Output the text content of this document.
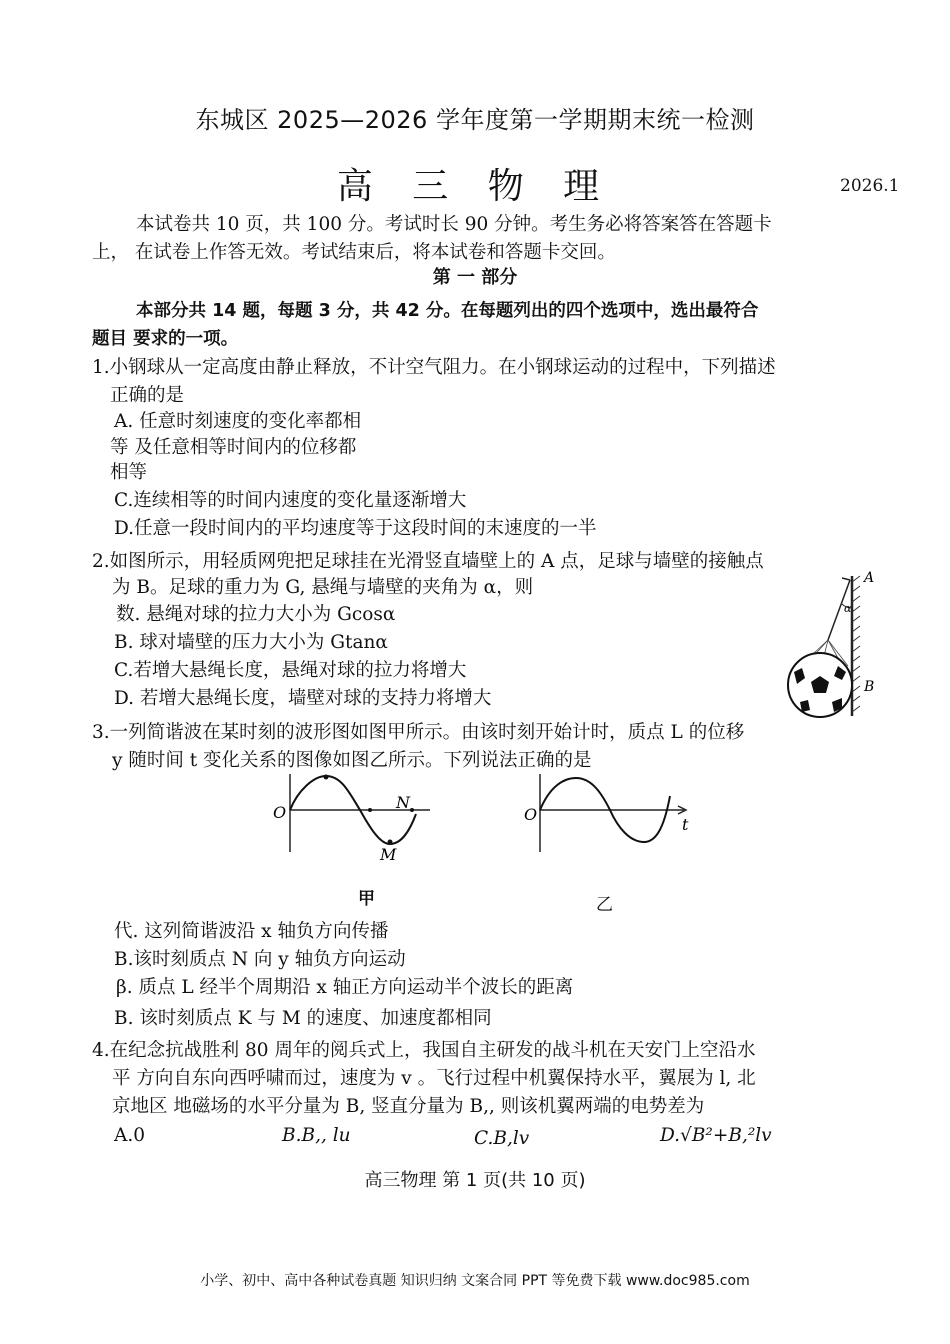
东城区 2025—2026 学年度第一学期期末统一检测
高 三 物 理	2026.1
本试卷共 10 页，共 100 分。考试时长 90 分钟。考生务必将答案答在答题卡
上， 在试卷上作答无效。考试结束后，将本试卷和答题卡交回。
第 一 部分
本部分共 14 题，每题 3 分，共 42 分。在每题列出的四个选项中，选出最符合
题目 要求的一项。
1.小钢球从一定高度由静止释放，不计空气阻力。在小钢球运动的过程中，下列描述
正确的是
A. 任意时刻速度的变化率都相
等 及任意相等时间内的位移都
相等
C.连续相等的时间内速度的变化量逐渐增大
D.任意一段时间内的平均速度等于这段时间的末速度的一半
2.如图所示，用轻质网兜把足球挂在光滑竖直墙壁上的 A 点，足球与墙壁的接触点
为 B。足球的重力为 G, 悬绳与墙壁的夹角为 α，则
数. 悬绳对球的拉力大小为 Gcosα
B. 球对墙壁的压力大小为 Gtanα
C.若增大悬绳长度，悬绳对球的拉力将增大
D. 若增大悬绳长度，墙壁对球的支持力将增大
A
α
B
3.一列简谐波在某时刻的波形图如图甲所示。由该时刻开始计时，质点 L 的位移
y 随时间 t 变化关系的图像如图乙所示。下列说法正确的是
O
N
M
O
t
甲	乙
代. 这列简谐波沿 x 轴负方向传播
B.该时刻质点 N 向 y 轴负方向运动
β. 质点 L 经半个周期沿 x 轴正方向运动半个波长的距离
B. 该时刻质点 K 与 M 的速度、加速度都相同
4.在纪念抗战胜利 80 周年的阅兵式上，我国自主研发的战斗机在天安门上空沿水
平 方向自东向西呼啸而过，速度为 v 。飞行过程中机翼保持水平，翼展为 l, 北
京地区 地磁场的水平分量为 B, 竖直分量为 B,, 则该机翼两端的电势差为
A.0	B.B,, lu	C.B,lv	D.√B²+B,²lv
高三物理 第 1 页(共 10 页)
小学、初中、高中各种试卷真题 知识归纳 文案合同 PPT 等免费下载 www.doc985.com
